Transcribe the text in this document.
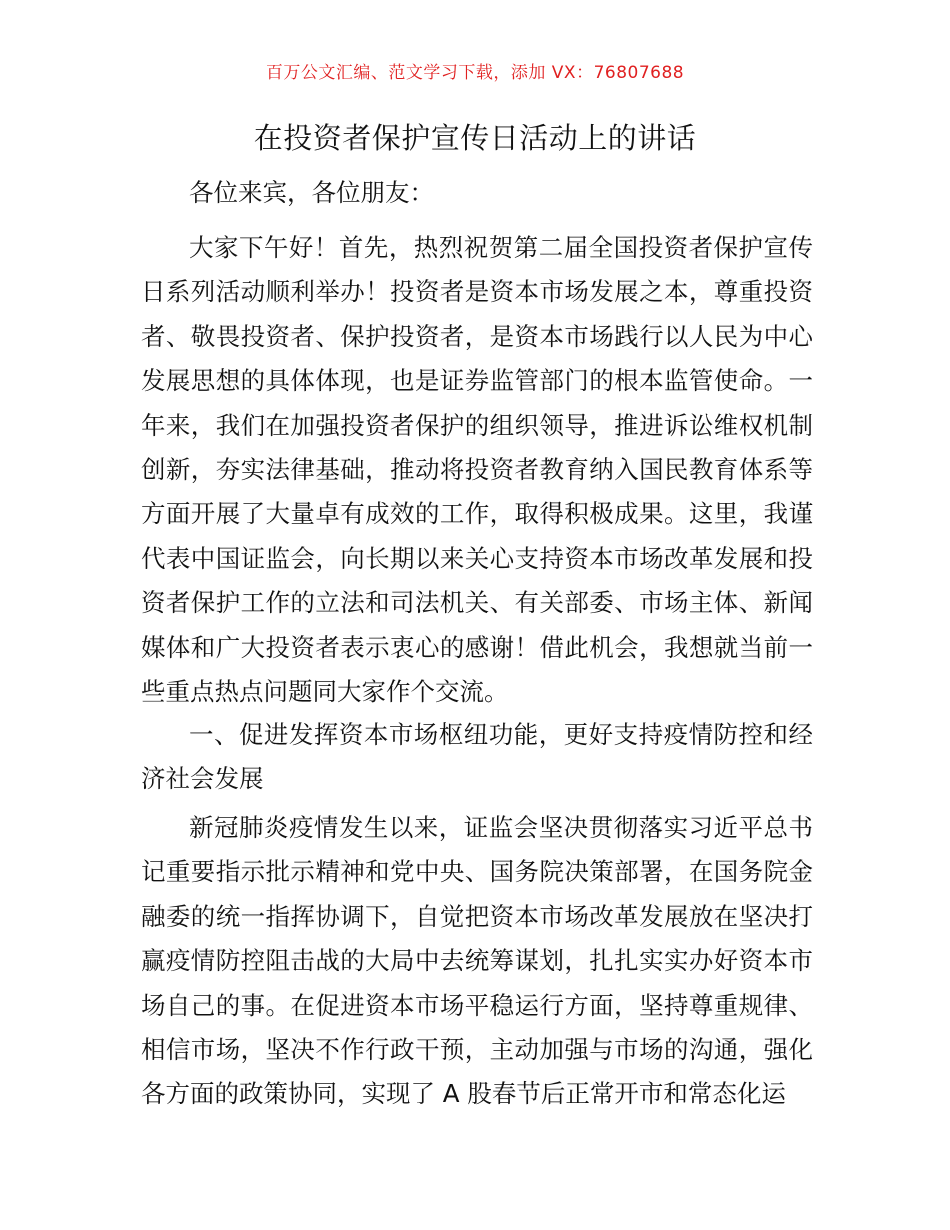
百万公文汇编、范文学习下载，添加 VX：76807688
在投资者保护宣传日活动上的讲话
各位来宾，各位朋友：
大家下午好！首先，热烈祝贺第二届全国投资者保护宣传日系列活动顺利举办！投资者是资本市场发展之本，尊重投资者、敬畏投资者、保护投资者，是资本市场践行以人民为中心发展思想的具体体现，也是证券监管部门的根本监管使命。一年来，我们在加强投资者保护的组织领导，推进诉讼维权机制创新，夯实法律基础，推动将投资者教育纳入国民教育体系等方面开展了大量卓有成效的工作，取得积极成果。这里，我谨代表中国证监会，向长期以来关心支持资本市场改革发展和投资者保护工作的立法和司法机关、有关部委、市场主体、新闻媒体和广大投资者表示衷心的感谢！借此机会，我想就当前一些重点热点问题同大家作个交流。
一、促进发挥资本市场枢纽功能，更好支持疫情防控和经济社会发展
新冠肺炎疫情发生以来，证监会坚决贯彻落实习近平总书记重要指示批示精神和党中央、国务院决策部署，在国务院金融委的统一指挥协调下，自觉把资本市场改革发展放在坚决打赢疫情防控阻击战的大局中去统筹谋划，扎扎实实办好资本市场自己的事。在促进资本市场平稳运行方面，坚持尊重规律、相信市场，坚决不作行政干预，主动加强与市场的沟通，强化各方面的政策协同，实现了 A 股春节后正常开市和常态化运
